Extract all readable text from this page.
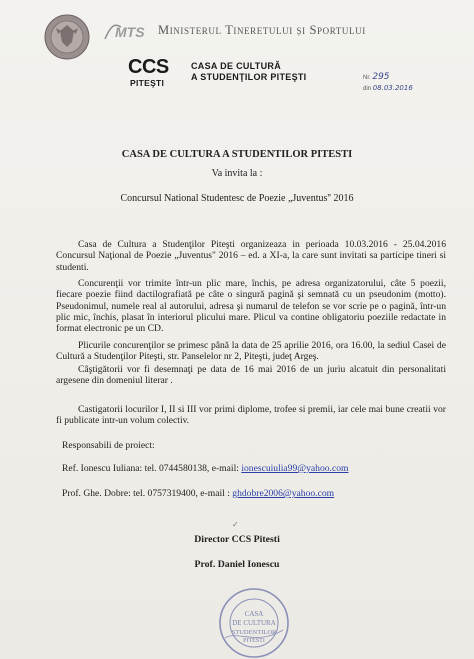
MTS Ministerul Tineretului și Sportului
CCS
PITEŞTI
CASA DE CULTURĂ
A STUDENŢILOR PITEŞTI	Nr. 295
din 08.03.2016
CASA DE CULTURA A STUDENTILOR PITESTI
Va invita la :
Concursul National Studentesc de Poezie „Juventus'' 2016

Casa de Cultura a Studenţilor Piteşti organizeaza in perioada 10.03.2016 - 25.04.2016 Concursul Naţional de Poezie „Juventus" 2016 – ed. a XI-a, la care sunt invitati sa participe tineri si studenti.

Concurenţii vor trimite într-un plic mare, închis, pe adresa organizatorului, câte 5 poezii, fiecare poezie fiind dactilografiată pe câte o singură pagină şi semnată cu un pseudonim (motto). Pseudonimul, numele real al autorului, adresa şi numarul de telefon se vor scrie pe o pagină, într-un plic mic, închis, plasat în interiorul plicului mare. Plicul va contine obligatoriu poeziile redactate in format electronic pe un CD.

Plicurile concurenţilor se primesc până la data de 25 aprilie 2016, ora 16.00, la sediul Casei de Cultură a Studenţilor Piteşti, str. Panselelor nr 2, Piteşti, judeţ Argeş.

Câştigătorii vor fi desemnaţi pe data de 16 mai 2016 de un juriu alcatuit din personalitati argesene din domeniul literar .

Castigatorii locurilor I, II si III vor primi diplome, trofee si premii, iar cele mai bune creatii vor fi publicate intr-un volum colectiv.

Responsabili de proiect:
Ref. Ionescu Iuliana: tel. 0744580138, e-mail: ionescuiulia99@yahoo.com
Prof. Ghe. Dobre: tel. 0757319400, e-mail : ghdobre2006@yahoo.com
✓
Director CCS Pitesti
Prof. Daniel Ionescu
CASA
DE CULTURA
STUDENTILOR
PITESTI
